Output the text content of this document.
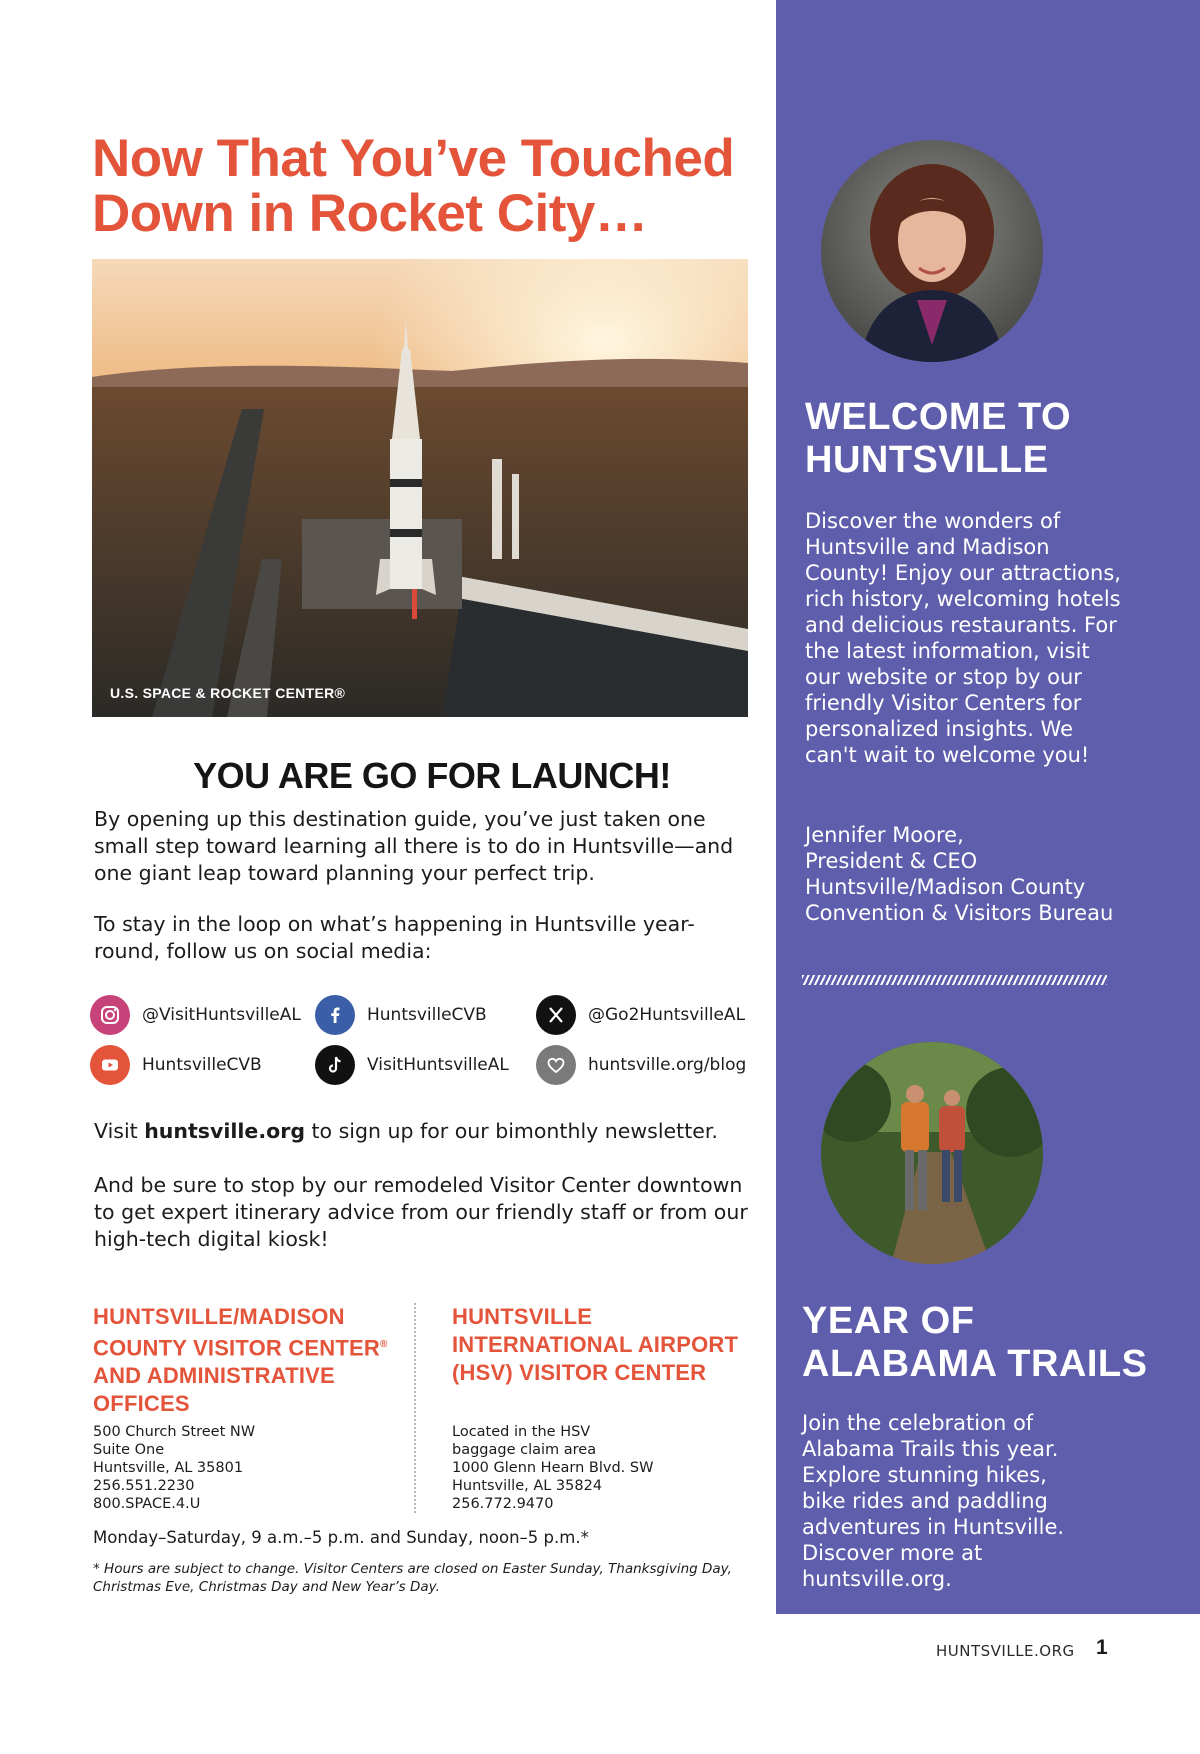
WELCOME TO HUNTSVILLE
Discover the wonders of Huntsville and Madison County! Enjoy our attractions, rich history, welcoming hotels and delicious restaurants. For the latest information, visit our website or stop by our friendly Visitor Centers for personalized insights. We can't wait to welcome you!
Jennifer Moore,
President & CEO
Huntsville/Madison County
Convention & Visitors Bureau
YEAR OF ALABAMA TRAILS
Join the celebration of Alabama Trails this year. Explore stunning hikes, bike rides and paddling adventures in Huntsville. Discover more at huntsville.org.
Now That You’ve Touched
Down in Rocket City…
U.S. SPACE & ROCKET CENTER®
YOU ARE GO FOR LAUNCH!
By opening up this destination guide, you’ve just taken one small step toward learning all there is to do in Huntsville—and one giant leap toward planning your perfect trip.
To stay in the loop on what’s happening in Huntsville year-round, follow us on social media:
@VisitHuntsvilleAL	HuntsvilleCVB	@Go2HuntsvilleAL
HuntsvilleCVB	VisitHuntsvilleAL	huntsville.org/blog
Visit huntsville.org to sign up for our bimonthly newsletter.
And be sure to stop by our remodeled Visitor Center downtown to get expert itinerary advice from our friendly staff or from our high-tech digital kiosk!
HUNTSVILLE/MADISON COUNTY VISITOR CENTER® AND ADMINISTRATIVE OFFICES
HUNTSVILLE INTERNATIONAL AIRPORT (HSV) VISITOR CENTER
500 Church Street NW
Suite One
Huntsville, AL 35801
256.551.2230
800.SPACE.4.U
Located in the HSV
baggage claim area
1000 Glenn Hearn Blvd. SW
Huntsville, AL 35824
256.772.9470
Monday–Saturday, 9 a.m.–5 p.m. and Sunday, noon–5 p.m.*
* Hours are subject to change. Visitor Centers are closed on Easter Sunday, Thanksgiving Day, Christmas Eve, Christmas Day and New Year’s Day.
HUNTSVILLE.ORG 1
